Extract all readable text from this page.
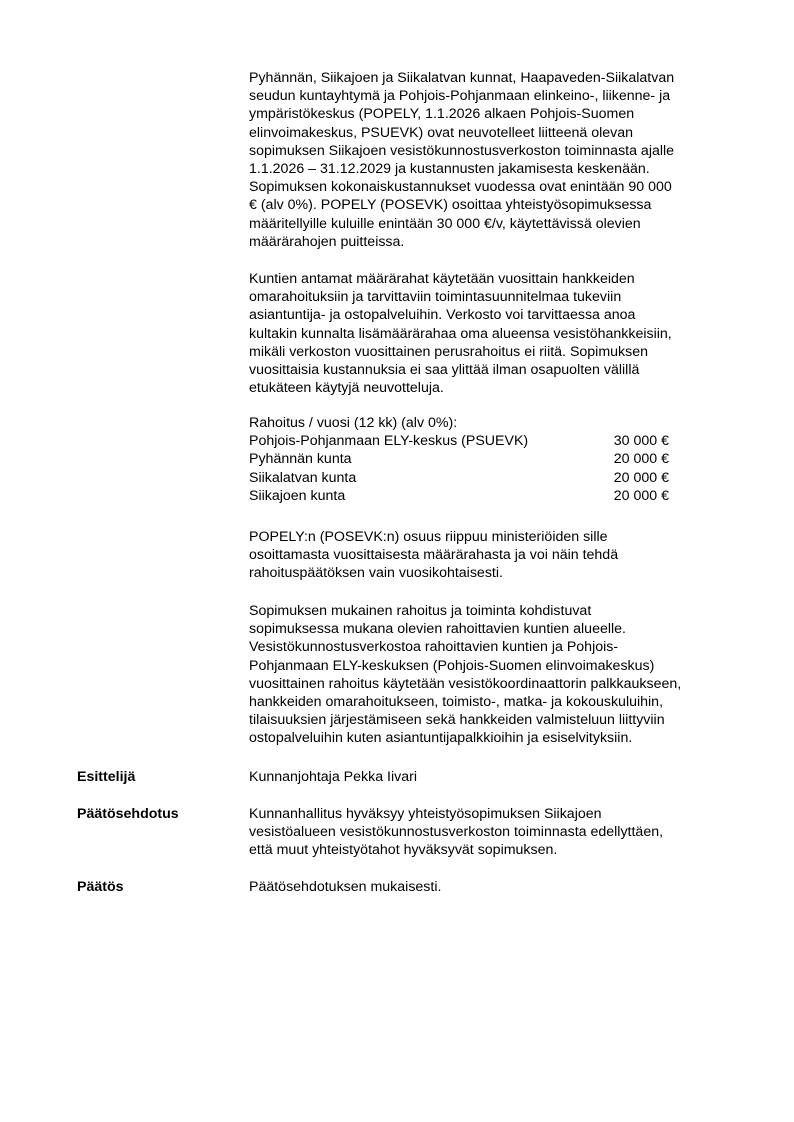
Pyhännän, Siikajoen ja Siikalatvan kunnat, Haapaveden-Siikalatvan
seudun kuntayhtymä ja Pohjois-Pohjanmaan elinkeino-, liikenne- ja
ympäristökeskus (POPELY, 1.1.2026 alkaen Pohjois-Suomen
elinvoimakeskus, PSUEVK) ovat neuvotelleet liitteenä olevan
sopimuksen Siikajoen vesistökunnostusverkoston toiminnasta ajalle
1.1.2026 – 31.12.2029 ja kustannusten jakamisesta keskenään.
Sopimuksen kokonaiskustannukset vuodessa ovat enintään 90 000
€ (alv 0%). POPELY (POSEVK) osoittaa yhteistyösopimuksessa
määritellyille kuluille enintään 30 000 €/v, käytettävissä olevien
määrärahojen puitteissa.

Kuntien antamat määrärahat käytetään vuosittain hankkeiden
omarahoituksiin ja tarvittaviin toimintasuunnitelmaa tukeviin
asiantuntija- ja ostopalveluihin. Verkosto voi tarvittaessa anoa
kultakin kunnalta lisämäärärahaa oma alueensa vesistöhankkeisiin,
mikäli verkoston vuosittainen perusrahoitus ei riitä. Sopimuksen
vuosittaisia kustannuksia ei saa ylittää ilman osapuolten välillä
etukäteen käytyjä neuvotteluja.

Rahoitus / vuosi (12 kk) (alv 0%):
Pohjois-Pohjanmaan ELY-keskus (PSUEVK)	30 000 €
Pyhännän kunta	20 000 €
Siikalatvan kunta	20 000 €
Siikajoen kunta	20 000 €

POPELY:n (POSEVK:n) osuus riippuu ministeriöiden sille
osoittamasta vuosittaisesta määrärahasta ja voi näin tehdä
rahoituspäätöksen vain vuosikohtaisesti.

Sopimuksen mukainen rahoitus ja toiminta kohdistuvat
sopimuksessa mukana olevien rahoittavien kuntien alueelle.
Vesistökunnostusverkostoa rahoittavien kuntien ja Pohjois-
Pohjanmaan ELY-keskuksen (Pohjois-Suomen elinvoimakeskus)
vuosittainen rahoitus käytetään vesistökoordinaattorin palkkaukseen,
hankkeiden omarahoitukseen, toimisto-, matka- ja kokouskuluihin,
tilaisuuksien järjestämiseen sekä hankkeiden valmisteluun liittyviin
ostopalveluihin kuten asiantuntijapalkkioihin ja esiselvityksiin.

Esittelijä	Kunnanjohtaja Pekka Iivari
Päätösehdotus	Kunnanhallitus hyväksyy yhteistyösopimuksen Siikajoen
vesistöalueen vesistökunnostusverkoston toiminnasta edellyttäen,
että muut yhteistyötahot hyväksyvät sopimuksen.
Päätös	Päätösehdotuksen mukaisesti.
